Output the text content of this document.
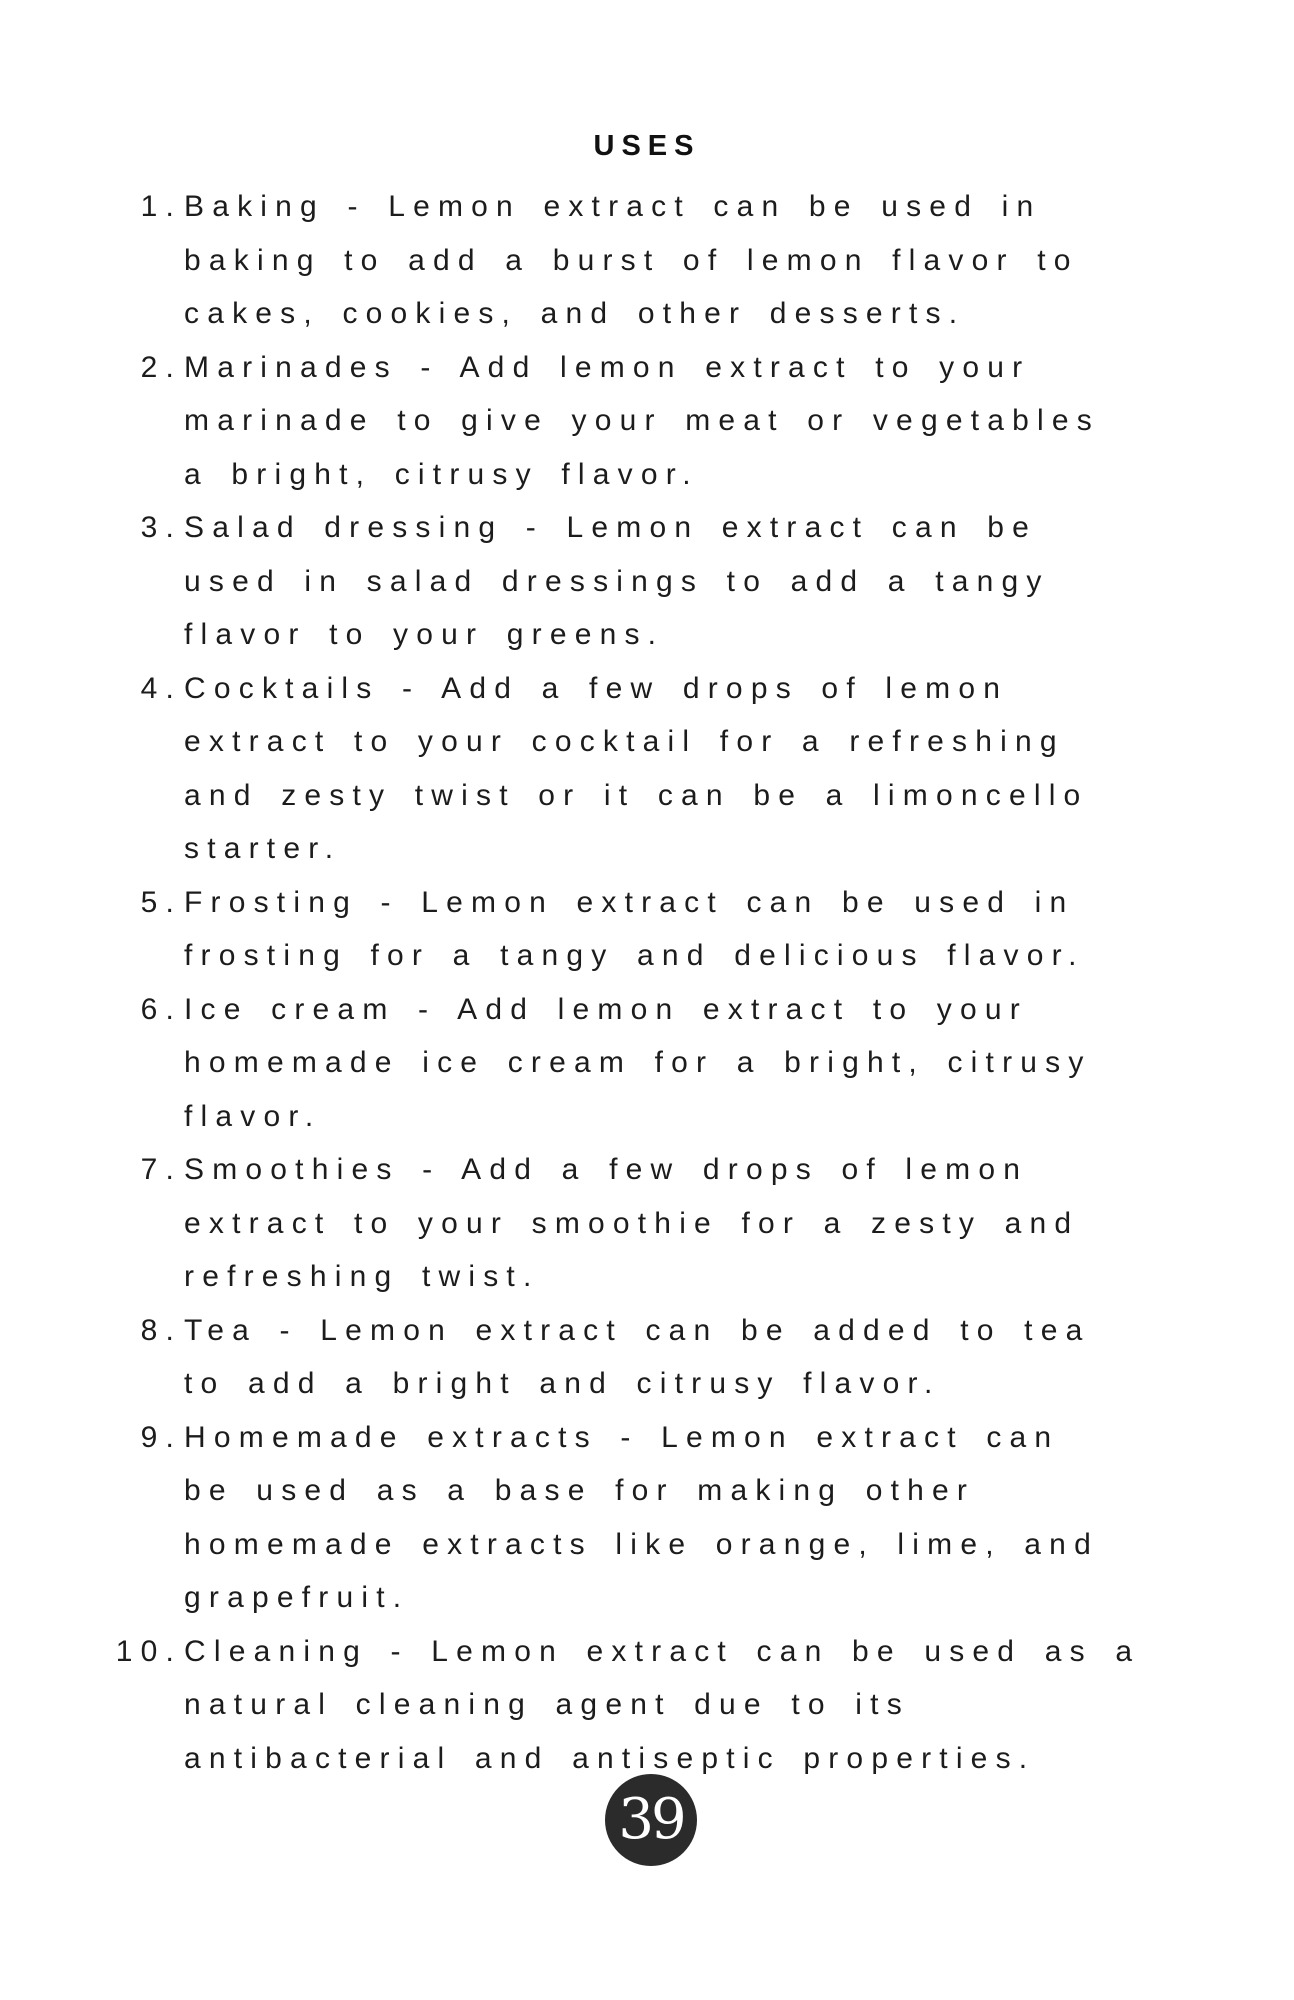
USES
1. Baking - Lemon extract can be used in
baking to add a burst of lemon flavor to
cakes, cookies, and other desserts.
2. Marinades - Add lemon extract to your
marinade to give your meat or vegetables
a bright, citrusy flavor.
3. Salad dressing - Lemon extract can be
used in salad dressings to add a tangy
flavor to your greens.
4. Cocktails - Add a few drops of lemon
extract to your cocktail for a refreshing
and zesty twist or it can be a limoncello
starter.
5. Frosting - Lemon extract can be used in
frosting for a tangy and delicious flavor.
6. Ice cream - Add lemon extract to your
homemade ice cream for a bright, citrusy
flavor.
7. Smoothies - Add a few drops of lemon
extract to your smoothie for a zesty and
refreshing twist.
8. Tea - Lemon extract can be added to tea
to add a bright and citrusy flavor.
9. Homemade extracts - Lemon extract can
be used as a base for making other
homemade extracts like orange, lime, and
grapefruit.
10. Cleaning - Lemon extract can be used as a
natural cleaning agent due to its
antibacterial and antiseptic properties.
39
